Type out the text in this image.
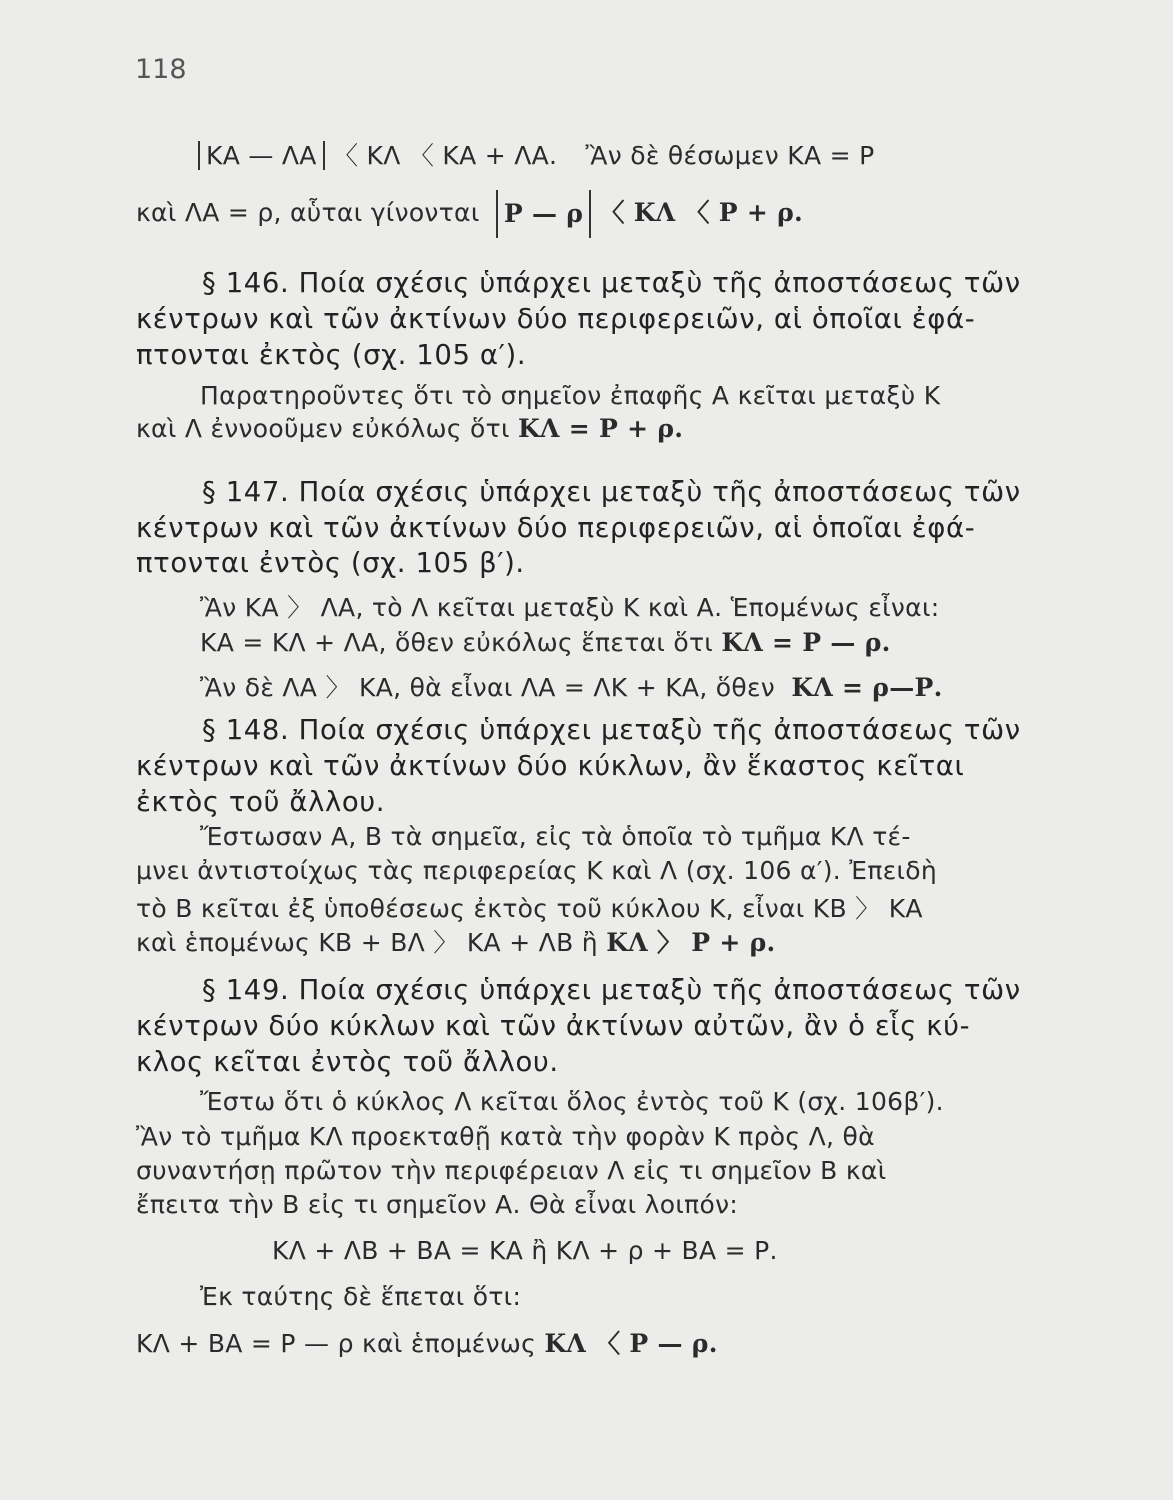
118
ΚΑ — ΛΑ 〈 ΚΛ 〈 ΚΑ + ΛΑ. Ἂν δὲ θέσωμεν ΚΑ = Ρ
καὶ ΛΑ = ρ, αὗται γίνονται Ρ — ρ 〈 ΚΛ 〈 Ρ + ρ.
§ 146. Ποία σχέσις ὑπάρχει μεταξὺ τῆς ἀποστάσεως τῶν
κέντρων καὶ τῶν ἀκτίνων δύο περιφερειῶν, αἱ ὁποῖαι ἐφά-
πτονται ἐκτὸς (σχ. 105 α′).
Παρατηροῦντες ὅτι τὸ σημεῖον ἐπαφῆς Α κεῖται μεταξὺ Κ
καὶ Λ ἐννοοῦμεν εὐκόλως ὅτι ΚΛ = Ρ + ρ.
§ 147. Ποία σχέσις ὑπάρχει μεταξὺ τῆς ἀποστάσεως τῶν
κέντρων καὶ τῶν ἀκτίνων δύο περιφερειῶν, αἱ ὁποῖαι ἐφά-
πτονται ἐντὸς (σχ. 105 β′).
Ἂν ΚΑ 〉 ΛΑ, τὸ Λ κεῖται μεταξὺ Κ καὶ Α. Ἑπομένως εἶναι:
ΚΑ = ΚΛ + ΛΑ, ὅθεν εὐκόλως ἕπεται ὅτι ΚΛ = Ρ — ρ.
Ἂν δὲ ΛΑ 〉 ΚΑ, θὰ εἶναι ΛΑ = ΛΚ + ΚΑ, ὅθεν ΚΛ = ρ—Ρ.
§ 148. Ποία σχέσις ὑπάρχει μεταξὺ τῆς ἀποστάσεως τῶν
κέντρων καὶ τῶν ἀκτίνων δύο κύκλων, ἂν ἕκαστος κεῖται
ἐκτὸς τοῦ ἄλλου.
Ἔστωσαν Α, Β τὰ σημεῖα, εἰς τὰ ὁποῖα τὸ τμῆμα ΚΛ τέ-
μνει ἀντιστοίχως τὰς περιφερείας Κ καὶ Λ (σχ. 106 α′). Ἐπειδὴ
τὸ Β κεῖται ἐξ ὑποθέσεως ἐκτὸς τοῦ κύκλου Κ, εἶναι ΚΒ 〉 ΚΑ
καὶ ἑπομένως ΚΒ + ΒΛ 〉 ΚΑ + ΛΒ ἢ ΚΛ 〉 Ρ + ρ.
§ 149. Ποία σχέσις ὑπάρχει μεταξὺ τῆς ἀποστάσεως τῶν
κέντρων δύο κύκλων καὶ τῶν ἀκτίνων αὐτῶν, ἂν ὁ εἷς κύ-
κλος κεῖται ἐντὸς τοῦ ἄλλου.
Ἔστω ὅτι ὁ κύκλος Λ κεῖται ὅλος ἐντὸς τοῦ Κ (σχ. 106β′).
Ἂν τὸ τμῆμα ΚΛ προεκταθῇ κατὰ τὴν φορὰν Κ πρὸς Λ, θὰ
συναντήσῃ πρῶτον τὴν περιφέρειαν Λ εἰς τι σημεῖον Β καὶ
ἔπειτα τὴν Β εἰς τι σημεῖον Α. Θὰ εἶναι λοιπόν:
ΚΛ + ΛΒ + ΒΑ = ΚΑ ἢ ΚΛ + ρ + ΒΑ = Ρ.
Ἐκ ταύτης δὲ ἕπεται ὅτι:
ΚΛ + ΒΑ = Ρ — ρ καὶ ἑπομένως ΚΛ 〈 Ρ — ρ.
